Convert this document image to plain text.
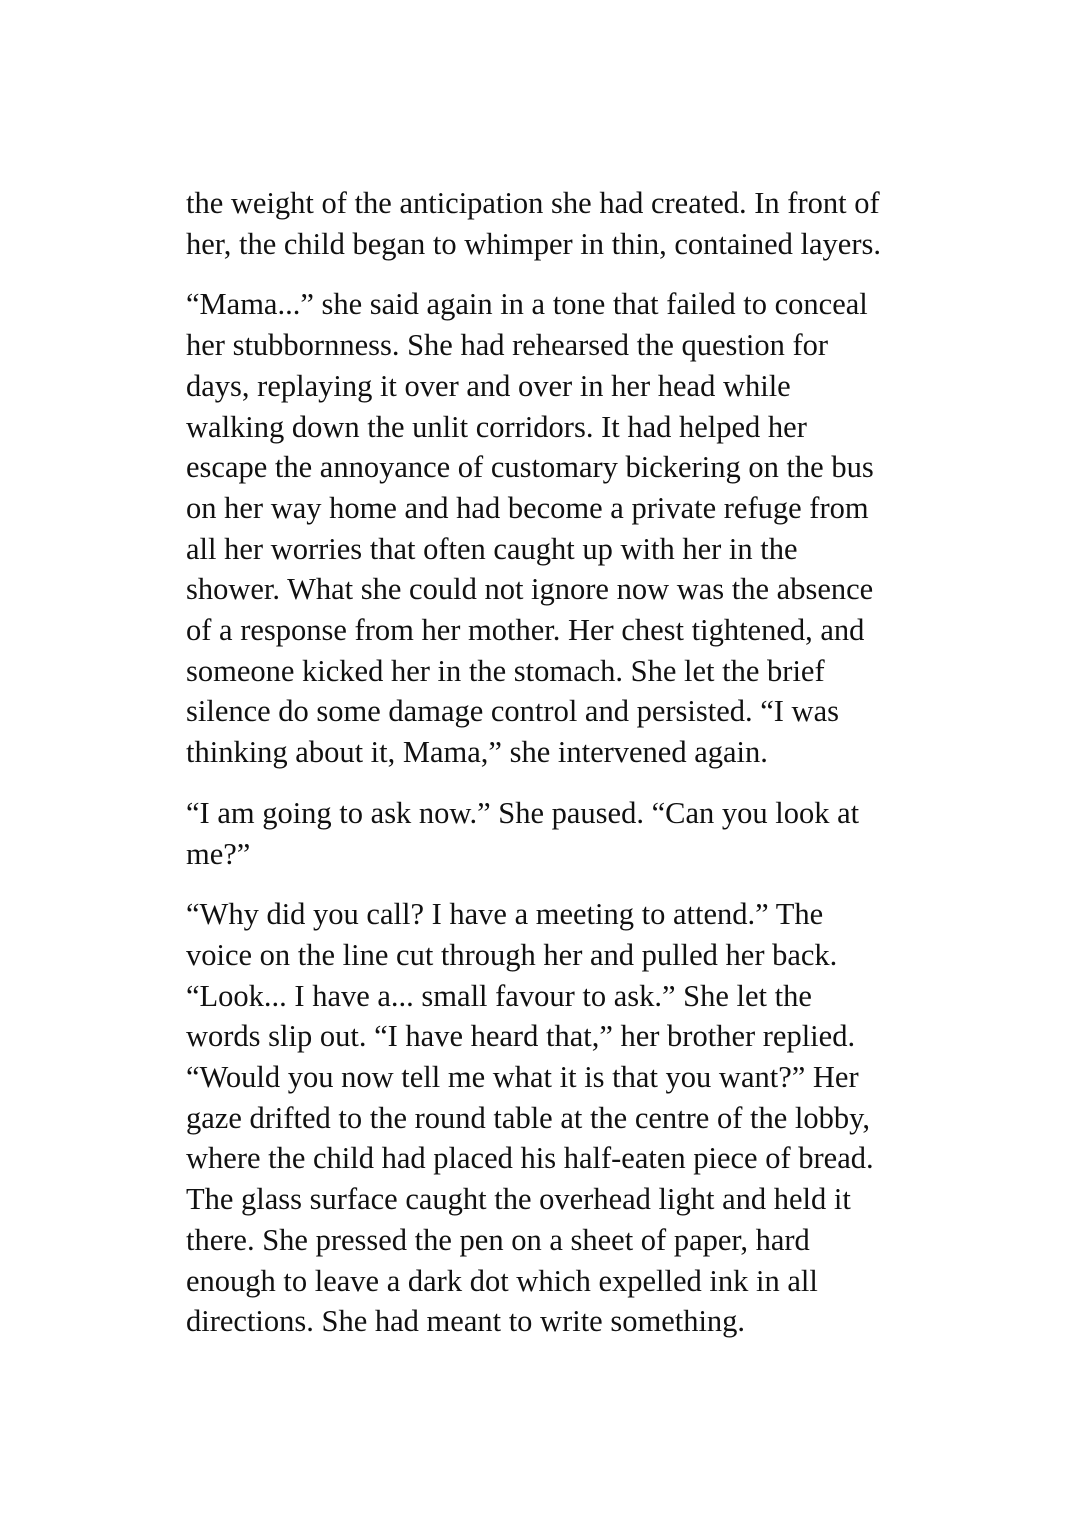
the weight of the anticipation she had created. In front of
her, the child began to whimper in thin, contained layers.

“Mama...” she said again in a tone that failed to conceal
her stubbornness. She had rehearsed the question for
days, replaying it over and over in her head while
walking down the unlit corridors. It had helped her
escape the annoyance of customary bickering on the bus
on her way home and had become a private refuge from
all her worries that often caught up with her in the
shower. What she could not ignore now was the absence
of a response from her mother. Her chest tightened, and
someone kicked her in the stomach. She let the brief
silence do some damage control and persisted. “I was
thinking about it, Mama,” she intervened again.

“I am going to ask now.” She paused. “Can you look at
me?”

“Why did you call? I have a meeting to attend.” The
voice on the line cut through her and pulled her back.
“Look... I have a... small favour to ask.” She let the
words slip out. “I have heard that,” her brother replied.
“Would you now tell me what it is that you want?” Her
gaze drifted to the round table at the centre of the lobby,
where the child had placed his half-eaten piece of bread.
The glass surface caught the overhead light and held it
there. She pressed the pen on a sheet of paper, hard
enough to leave a dark dot which expelled ink in all
directions. She had meant to write something.
